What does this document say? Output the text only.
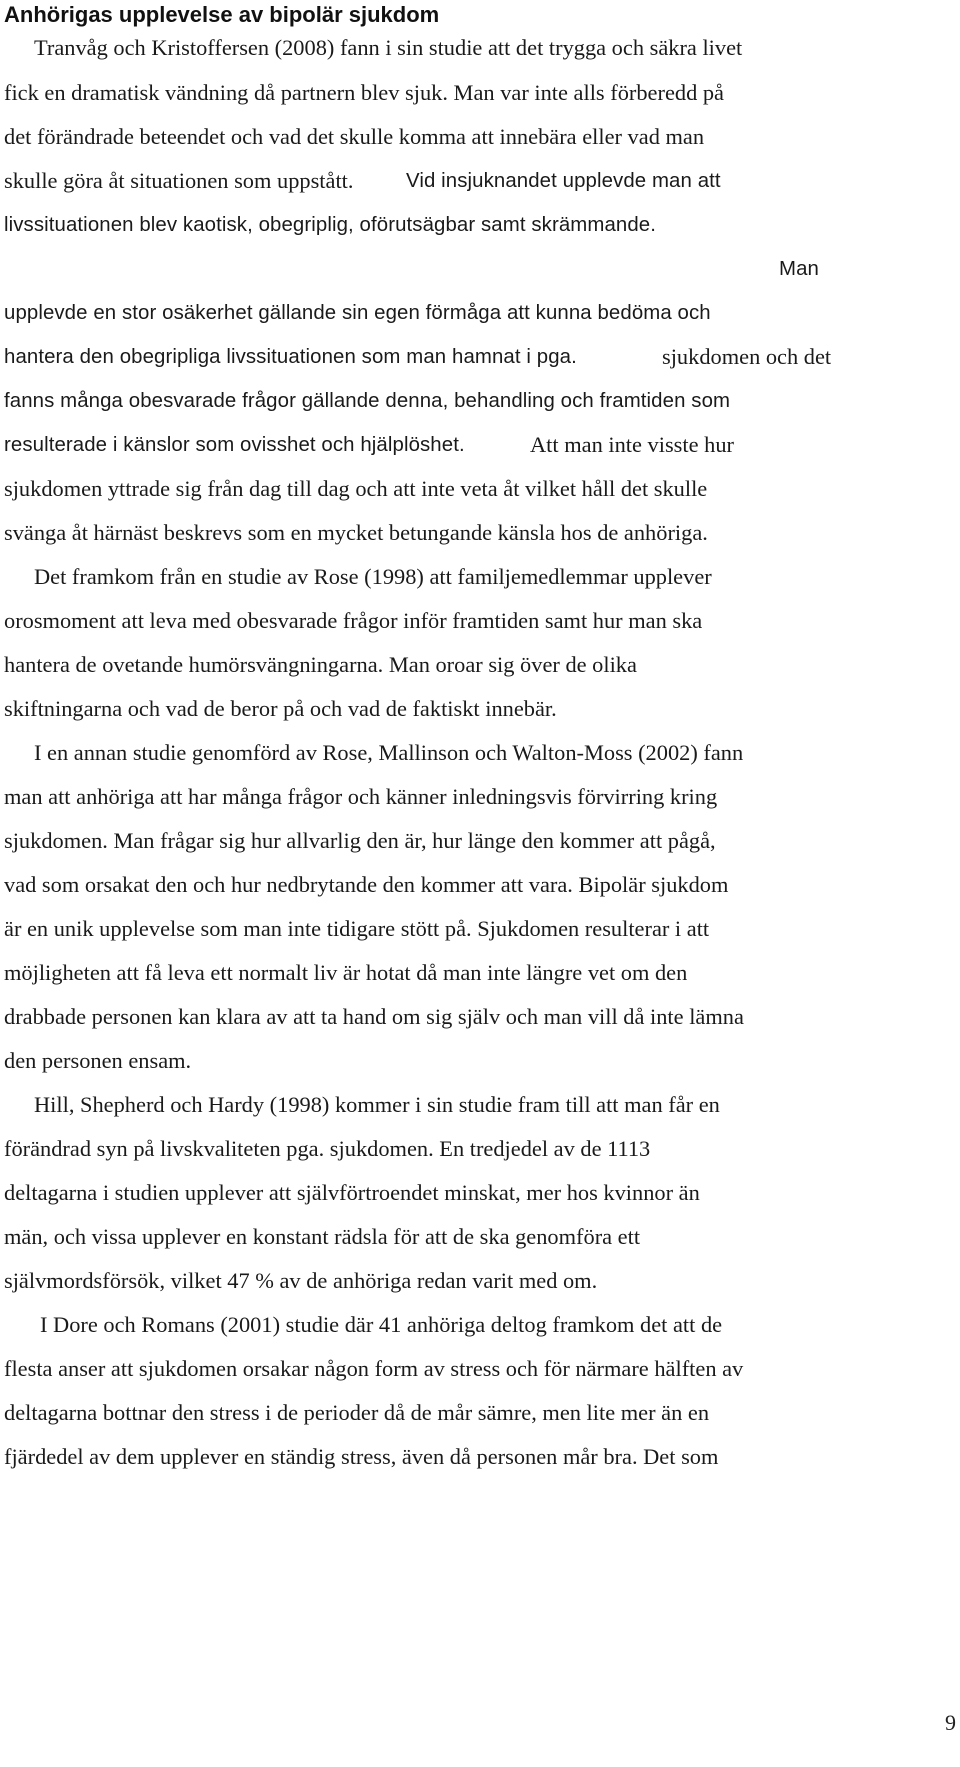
Anhörigas upplevelse av bipolär sjukdom
Tranvåg och Kristoffersen (2008) fann i sin studie att det trygga och säkra livet
fick en dramatisk vändning då partnern blev sjuk. Man var inte alls förberedd på
det förändrade beteendet och vad det skulle komma att innebära eller vad man
skulle göra åt situationen som uppstått.	Vid insjuknandet upplevde man att
livssituationen blev kaotisk, obegriplig, oförutsägbar samt skrämmande.
Man
upplevde en stor osäkerhet gällande sin egen förmåga att kunna bedöma och
hantera den obegripliga livssituationen som man hamnat i pga.	sjukdomen och det
fanns många obesvarade frågor gällande denna, behandling och framtiden som
resulterade i känslor som ovisshet och hjälplöshet.	Att man inte visste hur
sjukdomen yttrade sig från dag till dag och att inte veta åt vilket håll det skulle
svänga åt härnäst beskrevs som en mycket betungande känsla hos de anhöriga.
Det framkom från en studie av Rose (1998) att familjemedlemmar upplever
orosmoment att leva med obesvarade frågor inför framtiden samt hur man ska
hantera de ovetande humörsvängningarna. Man oroar sig över de olika
skiftningarna och vad de beror på och vad de faktiskt innebär.
I en annan studie genomförd av Rose, Mallinson och Walton-Moss (2002) fann
man att anhöriga att har många frågor och känner inledningsvis förvirring kring
sjukdomen. Man frågar sig hur allvarlig den är, hur länge den kommer att pågå,
vad som orsakat den och hur nedbrytande den kommer att vara. Bipolär sjukdom
är en unik upplevelse som man inte tidigare stött på. Sjukdomen resulterar i att
möjligheten att få leva ett normalt liv är hotat då man inte längre vet om den
drabbade personen kan klara av att ta hand om sig själv och man vill då inte lämna
den personen ensam.
Hill, Shepherd och Hardy (1998) kommer i sin studie fram till att man får en
förändrad syn på livskvaliteten pga. sjukdomen. En tredjedel av de 1113
deltagarna i studien upplever att självförtroendet minskat, mer hos kvinnor än
män, och vissa upplever en konstant rädsla för att de ska genomföra ett
självmordsförsök, vilket 47 % av de anhöriga redan varit med om.
I Dore och Romans (2001) studie där 41 anhöriga deltog framkom det att de
flesta anser att sjukdomen orsakar någon form av stress och för närmare hälften av
deltagarna bottnar den stress i de perioder då de mår sämre, men lite mer än en
fjärdedel av dem upplever en ständig stress, även då personen mår bra. Det som
9
